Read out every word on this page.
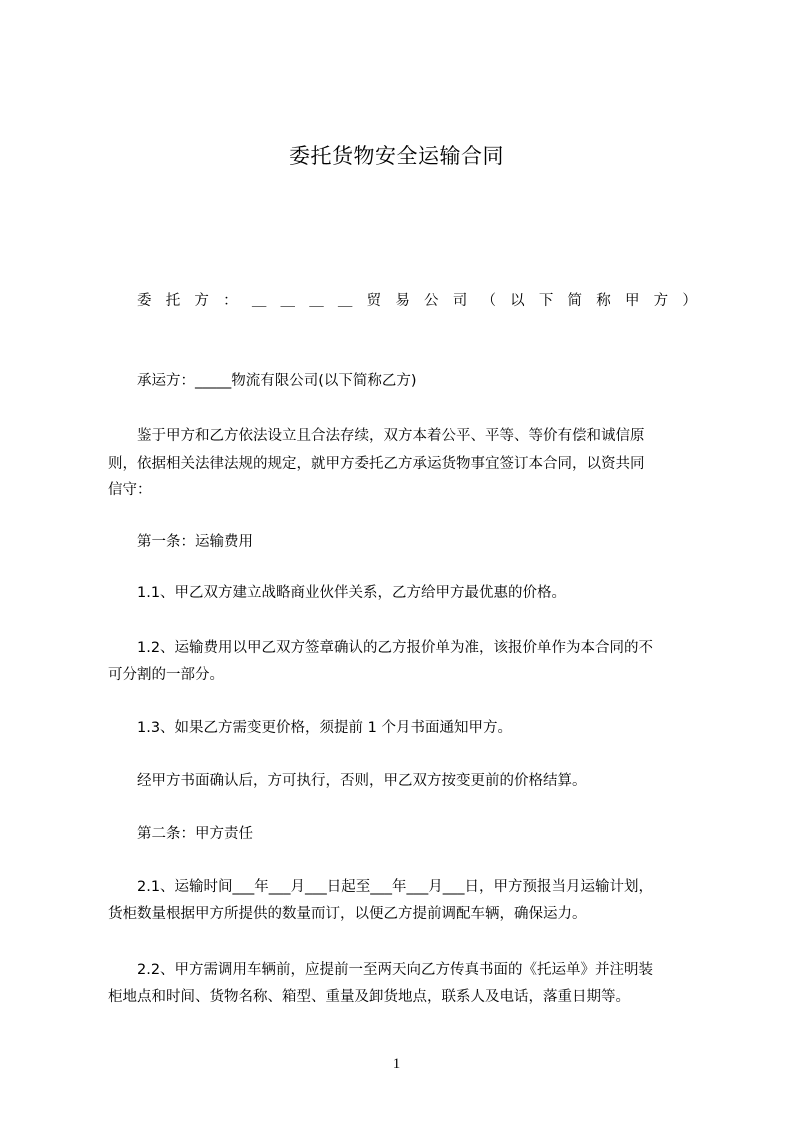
委托货物安全运输合同
委 托 方 ： ＿ ＿ ＿ ＿ 贸 易 公 司 （ 以 下 简 称 甲 方 ）
承运方：_____物流有限公司(以下简称乙方)
鉴于甲方和乙方依法设立且合法存续，双方本着公平、平等、等价有偿和诚信原
则，依据相关法律法规的规定，就甲方委托乙方承运货物事宜签订本合同，以资共同
信守：
第一条：运输费用
1.1、甲乙双方建立战略商业伙伴关系，乙方给甲方最优惠的价格。
1.2、运输费用以甲乙双方签章确认的乙方报价单为准，该报价单作为本合同的不
可分割的一部分。
1.3、如果乙方需变更价格，须提前 1 个月书面通知甲方。
经甲方书面确认后，方可执行，否则，甲乙双方按变更前的价格结算。
第二条：甲方责任
2.1、运输时间___年___月___日起至___年___月___日，甲方预报当月运输计划，
货柜数量根据甲方所提供的数量而订，以便乙方提前调配车辆，确保运力。
2.2、甲方需调用车辆前，应提前一至两天向乙方传真书面的《托运单》并注明装
柜地点和时间、货物名称、箱型、重量及卸货地点，联系人及电话，落重日期等。
1
